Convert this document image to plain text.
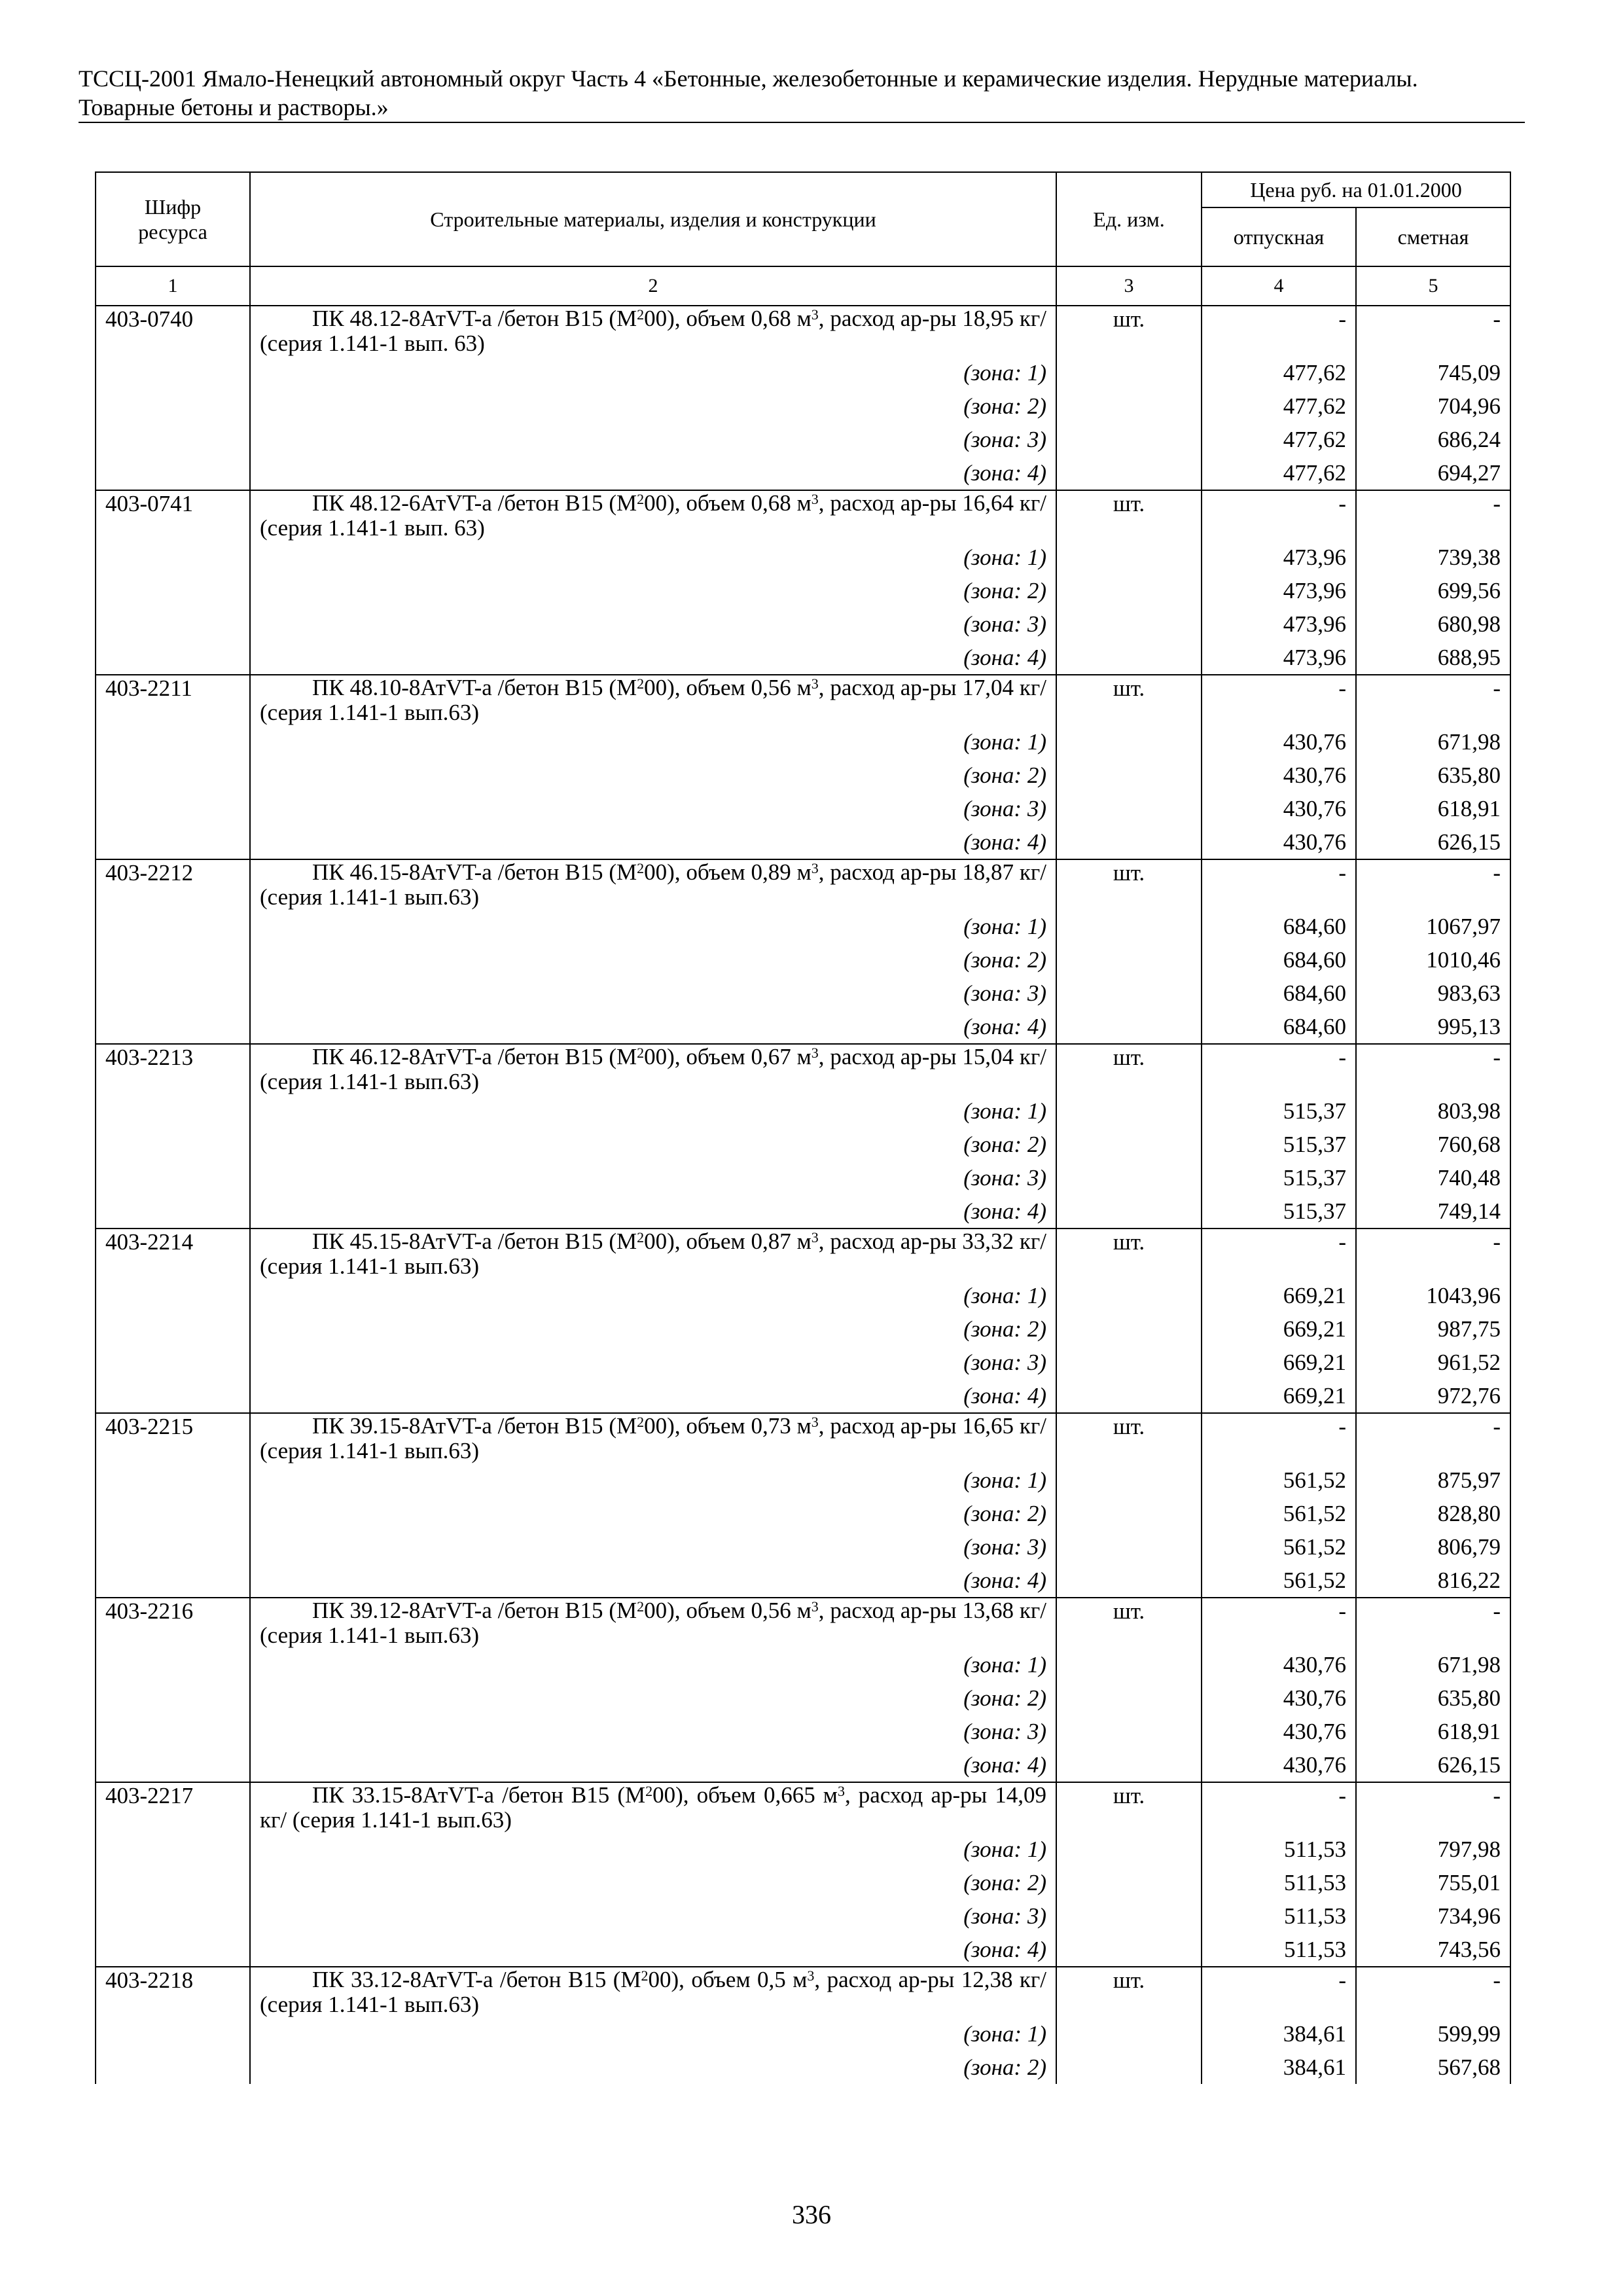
ТССЦ-2001 Ямало-Ненецкий автономный округ Часть 4 «Бетонные, железобетонные и керамические изделия. Нерудные материалы.
Товарные бетоны и растворы.»
Шифр ресурса	Строительные материалы, изделия и конструкции	Ед. изм.	Цена руб. на 01.01.2000	
			отпускная	сметная
1	2	3	4	5
403-0740	ПК 48.12-8АтVT-а /бетон В15 $(М^200)$, объем 0,68 $м^3$, расход ар-ры 18,95 кг/ (серия 1.141-1 вып. 63)	шт.	-	-
	(зона: 1)		477,62	745,09
	(зона: 2)		477,62	704,96
	(зона: 3)		477,62	686,24
	(зона: 4)		477,62	694,27
403-0741	ПК 48.12-6АтVT-а /бетон В15 $(М^200)$, объем 0,68 $м^3$, расход ар-ры 16,64 кг/ (серия 1.141-1 вып. 63)	шт.	-	-
	(зона: 1)		473,96	739,38
	(зона: 2)		473,96	699,56
	(зона: 3)		473,96	680,98
	(зона: 4)		473,96	688,95
403-2211	ПК 48.10-8АтVT-а /бетон В15 $(М^200)$, объем 0,56 $м^3$, расход ар-ры 17,04 кг/ (серия 1.141-1 вып.63)	шт.	-	-
	(зона: 1)		430,76	671,98
	(зона: 2)		430,76	635,80
	(зона: 3)		430,76	618,91
	(зона: 4)		430,76	626,15
403-2212	ПК 46.15-8АтVT-а /бетон В15 $(М^200)$, объем 0,89 $м^3$, расход ар-ры 18,87 кг/ (серия 1.141-1 вып.63)	шт.	-	-
	(зона: 1)		684,60	1067,97
	(зона: 2)		684,60	1010,46
	(зона: 3)		684,60	983,63
	(зона: 4)		684,60	995,13
403-2213	ПК 46.12-8АтVT-а /бетон В15 $(М^200)$, объем 0,67 $м^3$, расход ар-ры 15,04 кг/ (серия 1.141-1 вып.63)	шт.	-	-
	(зона: 1)		515,37	803,98
	(зона: 2)		515,37	760,68
	(зона: 3)		515,37	740,48
	(зона: 4)		515,37	749,14
403-2214	ПК 45.15-8АтVT-а /бетон В15 $(М^200)$, объем 0,87 $м^3$, расход ар-ры 33,32 кг/ (серия 1.141-1 вып.63)	шт.	-	-
	(зона: 1)		669,21	1043,96
	(зона: 2)		669,21	987,75
	(зона: 3)		669,21	961,52
	(зона: 4)		669,21	972,76
403-2215	ПК 39.15-8АтVT-а /бетон В15 $(М^200)$, объем 0,73 $м^3$, расход ар-ры 16,65 кг/ (серия 1.141-1 вып.63)	шт.	-	-
	(зона: 1)		561,52	875,97
	(зона: 2)		561,52	828,80
	(зона: 3)		561,52	806,79
	(зона: 4)		561,52	816,22
403-2216	ПК 39.12-8АтVT-а /бетон В15 $(М^200)$, объем 0,56 $м^3$, расход ар-ры 13,68 кг/ (серия 1.141-1 вып.63)	шт.	-	-
	(зона: 1)		430,76	671,98
	(зона: 2)		430,76	635,80
	(зона: 3)		430,76	618,91
	(зона: 4)		430,76	626,15
403-2217	ПК 33.15-8АтVT-а /бетон В15 $(М^200)$, объем 0,665 $м^3$, расход ар-ры 14,09 кг/ (серия 1.141-1 вып.63)	шт.	-	-
	(зона: 1)		511,53	797,98
	(зона: 2)		511,53	755,01
	(зона: 3)		511,53	734,96
	(зона: 4)		511,53	743,56
403-2218	ПК 33.12-8АтVT-а /бетон В15 $(М^200)$, объем 0,5 $м^3$, расход ар-ры 12,38 кг/ (серия 1.141-1 вып.63)	шт.	-	-
	(зона: 1)		384,61	599,99
	(зона: 2)		384,61	567,68
336
